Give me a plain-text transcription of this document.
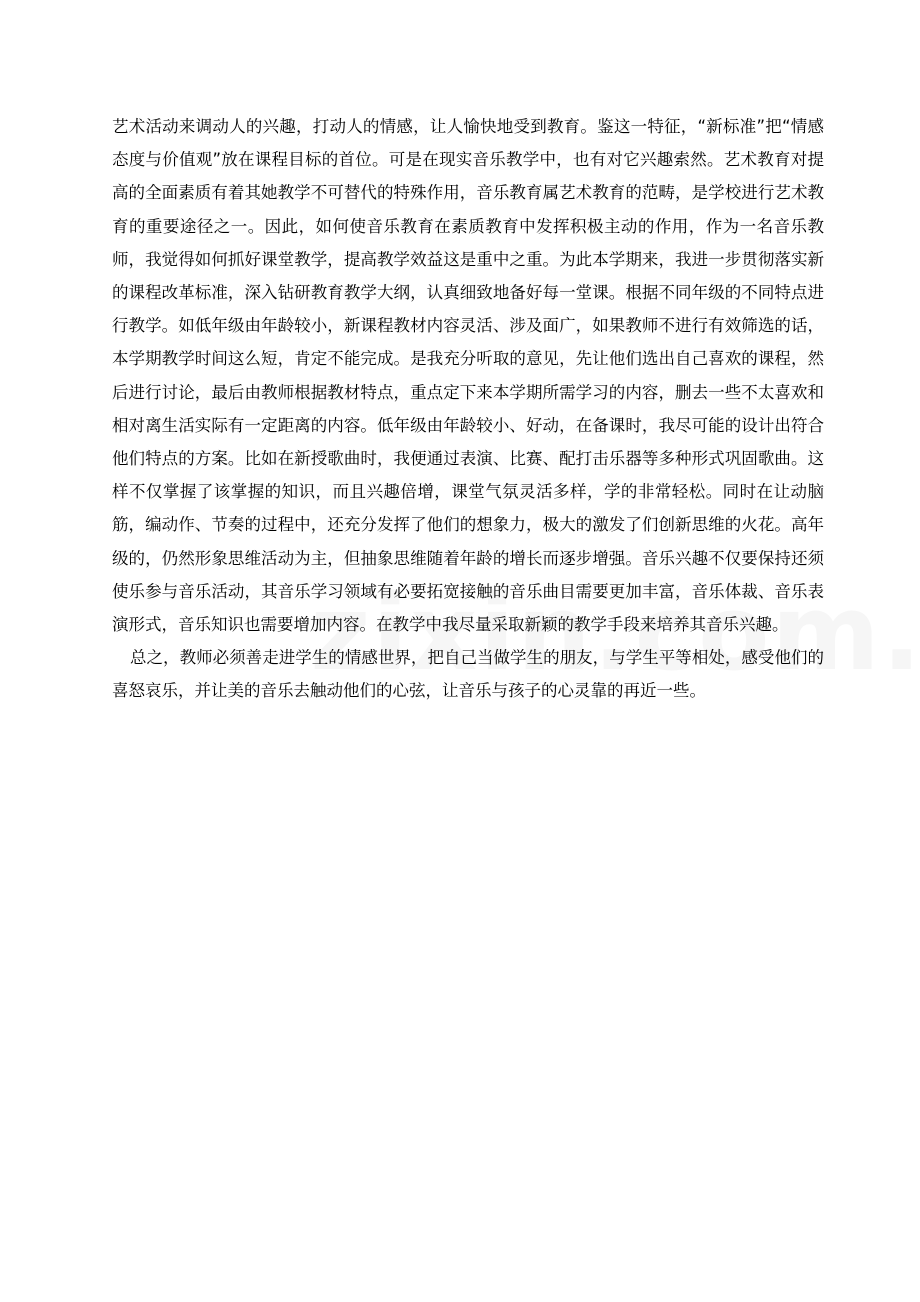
艺术活动来调动人的兴趣，打动人的情感，让人愉快地受到教育。鉴这一特征，“新标准”把“情感态度与价值观”放在课程目标的首位。可是在现实音乐教学中，也有对它兴趣索然。艺术教育对提高的全面素质有着其她教学不可替代的特殊作用，音乐教育属艺术教育的范畴，是学校进行艺术教育的重要途径之一。因此，如何使音乐教育在素质教育中发挥积极主动的作用，作为一名音乐教师，我觉得如何抓好课堂教学，提高教学效益这是重中之重。为此本学期来，我进一步贯彻落实新的课程改革标准，深入钻研教育教学大纲，认真细致地备好每一堂课。根据不同年级的不同特点进行教学。如低年级由年龄较小，新课程教材内容灵活、涉及面广，如果教师不进行有效筛选的话，本学期教学时间这么短，肯定不能完成。是我充分听取的意见，先让他们选出自己喜欢的课程，然后进行讨论，最后由教师根据教材特点，重点定下来本学期所需学习的内容，删去一些不太喜欢和相对离生活实际有一定距离的内容。低年级由年龄较小、好动，在备课时，我尽可能的设计出符合他们特点的方案。比如在新授歌曲时，我便通过表演、比赛、配打击乐器等多种形式巩固歌曲。这样不仅掌握了该掌握的知识，而且兴趣倍增，课堂气氛灵活多样，学的非常轻松。同时在让动脑筋，编动作、节奏的过程中，还充分发挥了他们的想象力，极大的激发了们创新思维的火花。高年级的，仍然形象思维活动为主，但抽象思维随着年龄的增长而逐步增强。音乐兴趣不仅要保持还须使乐参与音乐活动，其音乐学习领域有必要拓宽接触的音乐曲目需要更加丰富，音乐体裁、音乐表演形式，音乐知识也需要增加内容。在教学中我尽量采取新颖的教学手段来培养其音乐兴趣。

总之，教师必须善走进学生的情感世界，把自己当做学生的朋友，与学生平等相处，感受他们的喜怒哀乐，并让美的音乐去触动他们的心弦，让音乐与孩子的心灵靠的再近一些。
